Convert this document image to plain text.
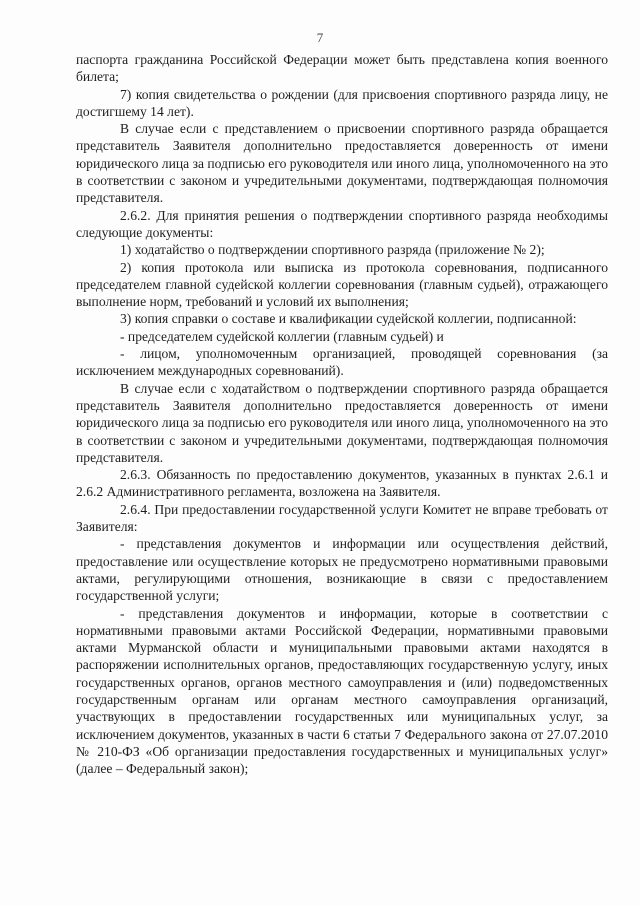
7

паспорта гражданина Российской Федерации может быть представлена копия военного билета;

7) копия свидетельства о рождении (для присвоения спортивного разряда лицу, не достигшему 14 лет).

В случае если с представлением о присвоении спортивного разряда обращается представитель Заявителя дополнительно предоставляется доверенность от имени юридического лица за подписью его руководителя или иного лица, уполномоченного на это в соответствии с законом и учредительными документами, подтверждающая полномочия представителя.

2.6.2. Для принятия решения о подтверждении спортивного разряда необходимы следующие документы:

1) ходатайство о подтверждении спортивного разряда (приложение № 2);

2) копия протокола или выписка из протокола соревнования, подписанного председателем главной судейской коллегии соревнования (главным судьей), отражающего выполнение норм, требований и условий их выполнения;

3) копия справки о составе и квалификации судейской коллегии, подписанной:

- председателем судейской коллегии (главным судьей) и

- лицом, уполномоченным организацией, проводящей соревнования (за исключением международных соревнований).

В случае если с ходатайством о подтверждении спортивного разряда обращается представитель Заявителя дополнительно предоставляется доверенность от имени юридического лица за подписью его руководителя или иного лица, уполномоченного на это в соответствии с законом и учредительными документами, подтверждающая полномочия представителя.

2.6.3. Обязанность по предоставлению документов, указанных в пунктах 2.6.1 и 2.6.2 Административного регламента, возложена на Заявителя.

2.6.4. При предоставлении государственной услуги Комитет не вправе требовать от Заявителя:

- представления документов и информации или осуществления действий, предоставление или осуществление которых не предусмотрено нормативными правовыми актами, регулирующими отношения, возникающие в связи с предоставлением государственной услуги;

- представления документов и информации, которые в соответствии с нормативными правовыми актами Российской Федерации, нормативными правовыми актами Мурманской области и муниципальными правовыми актами находятся в распоряжении исполнительных органов, предоставляющих государственную услугу, иных государственных органов, органов местного самоуправления и (или) подведомственных государственным органам или органам местного самоуправления организаций, участвующих в предоставлении государственных или муниципальных услуг, за исключением документов, указанных в части 6 статьи 7 Федерального закона от 27.07.2010 № 210-ФЗ «Об организации предоставления государственных и муниципальных услуг» (далее – Федеральный закон);
